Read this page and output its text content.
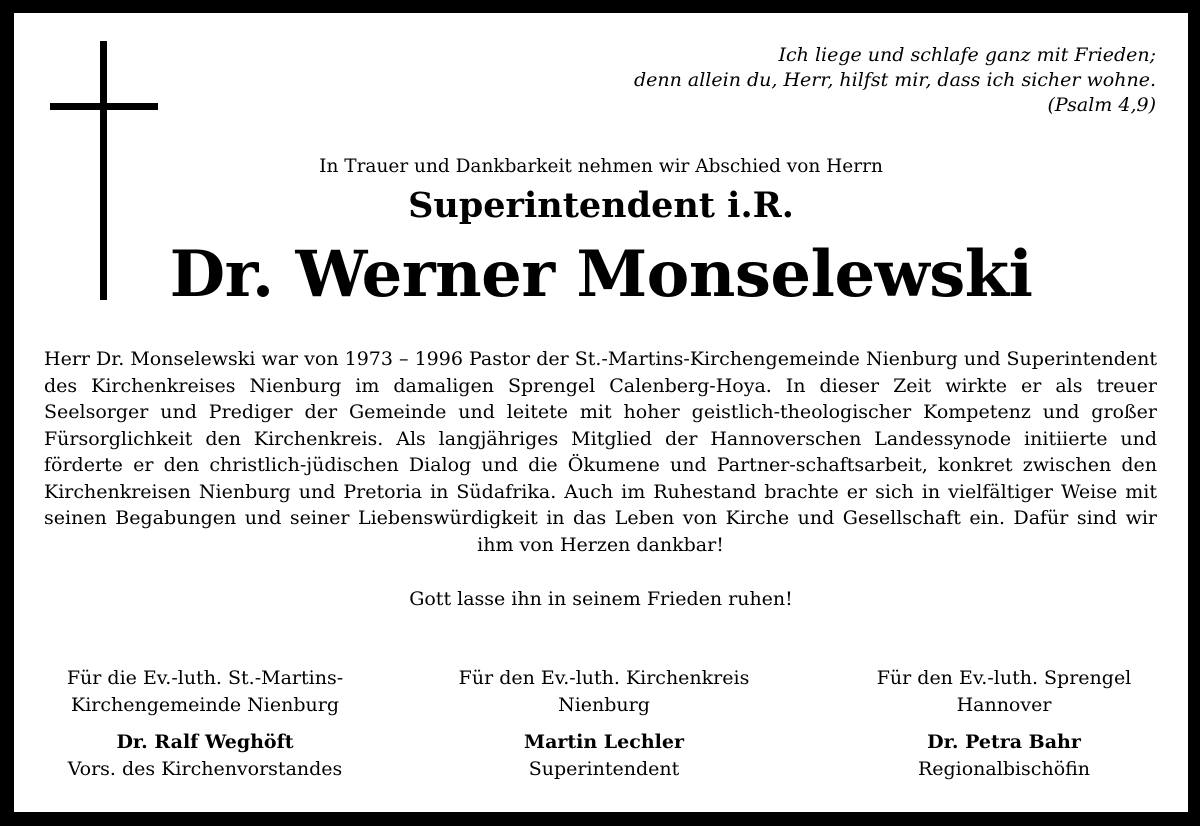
Ich liege und schlafe ganz mit Frieden;
denn allein du, Herr, hilfst mir, dass ich sicher wohne.
(Psalm 4,9)
In Trauer und Dankbarkeit nehmen wir Abschied von Herrn
Superintendent i.R.
Dr. Werner Monselewski
Herr Dr. Monselewski war von 1973 – 1996 Pastor der St.-Martins-Kirchengemeinde Nienburg und Superintendent des Kirchenkreises Nienburg im damaligen Sprengel Calenberg-Hoya. In dieser Zeit wirkte er als treuer Seelsorger und Prediger der Gemeinde und leitete mit hoher geistlich-theologischer Kompetenz und großer Fürsorglichkeit den Kirchenkreis. Als langjähriges Mitglied der Hannoverschen Landessynode initiierte und förderte er den christlich-jüdischen Dialog und die Ökumene und Partner-schaftsarbeit, konkret zwischen den Kirchenkreisen Nienburg und Pretoria in Südafrika. Auch im Ruhestand brachte er sich in vielfältiger Weise mit seinen Begabungen und seiner Liebenswürdigkeit in das Leben von Kirche und Gesellschaft ein. Dafür sind wir ihm von Herzen dankbar!
Gott lasse ihn in seinem Frieden ruhen!
Für die Ev.-luth. St.-Martins-
Kirchengemeinde Nienburg
Dr. Ralf Weghöft
Vors. des Kirchenvorstandes
Für den Ev.-luth. Kirchenkreis
Nienburg
Martin Lechler
Superintendent
Für den Ev.-luth. Sprengel
Hannover
Dr. Petra Bahr
Regionalbischöfin
